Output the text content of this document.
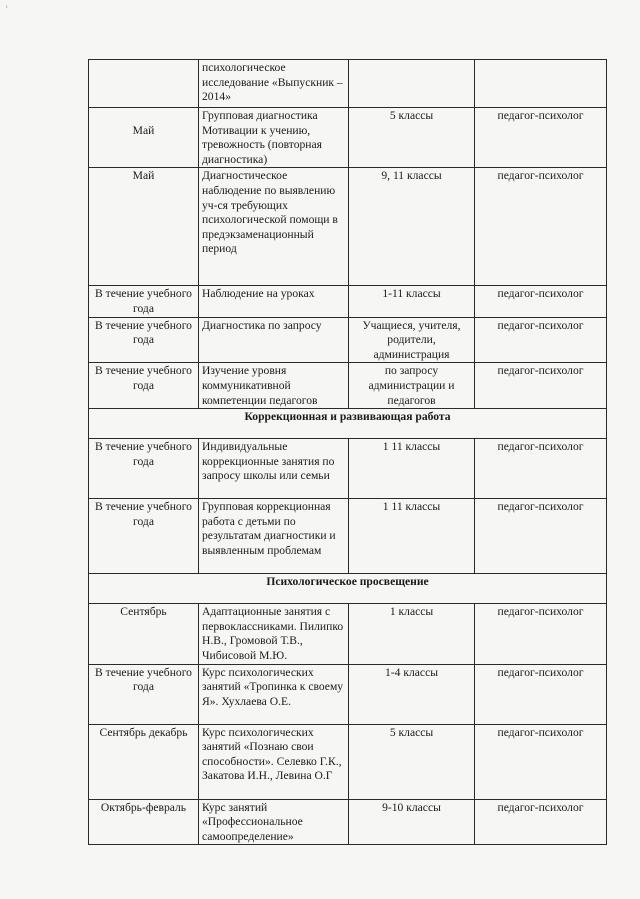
ı
	психологическое исследование «Выпускник – 2014»		
Май	Групповая диагностика Мотивации к учению, тревожность (повторная диагностика)	5 классы	педагог-психолог
Май	Диагностическое наблюдение по выявлению уч-ся требующих психологической помощи в предэкзаменационный период	9, 11 классы	педагог-психолог
В течение учебного года	Наблюдение на уроках	1-11 классы	педагог-психолог
В течение учебного года	Диагностика по запросу	Учащиеся, учителя, родители, администрация	педагог-психолог
В течение учебного года	Изучение уровня коммуникативной компетенции педагогов	по запросу администрации и педагогов	педагог-психолог
Коррекционная и развивающая работа			
В течение учебного года	Индивидуальные коррекционные занятия по запросу школы или семьи	1 11 классы	педагог-психолог
В течение учебного года	Групповая коррекционная работа с детьми по результатам диагностики и выявленным проблемам	1 11 классы	педагог-психолог
Психологическое просвещение			
Сентябрь	Адаптационные занятия с первоклассниками. Пилипко Н.В., Громовой Т.В., Чибисовой М.Ю.	1 классы	педагог-психолог
В течение учебного года	Курс психологических занятий «Тропинка к своему Я». Хухлаева О.Е.	1-4 классы	педагог-психолог
Сентябрь декабрь	Курс психологических занятий «Познаю свои способности». Селевко Г.К., Закатова И.Н., Левина О.Г	5 классы	педагог-психолог
Октябрь-февраль	Курс занятий «Профессиональное самоопределение»	9-10 классы	педагог-психолог
